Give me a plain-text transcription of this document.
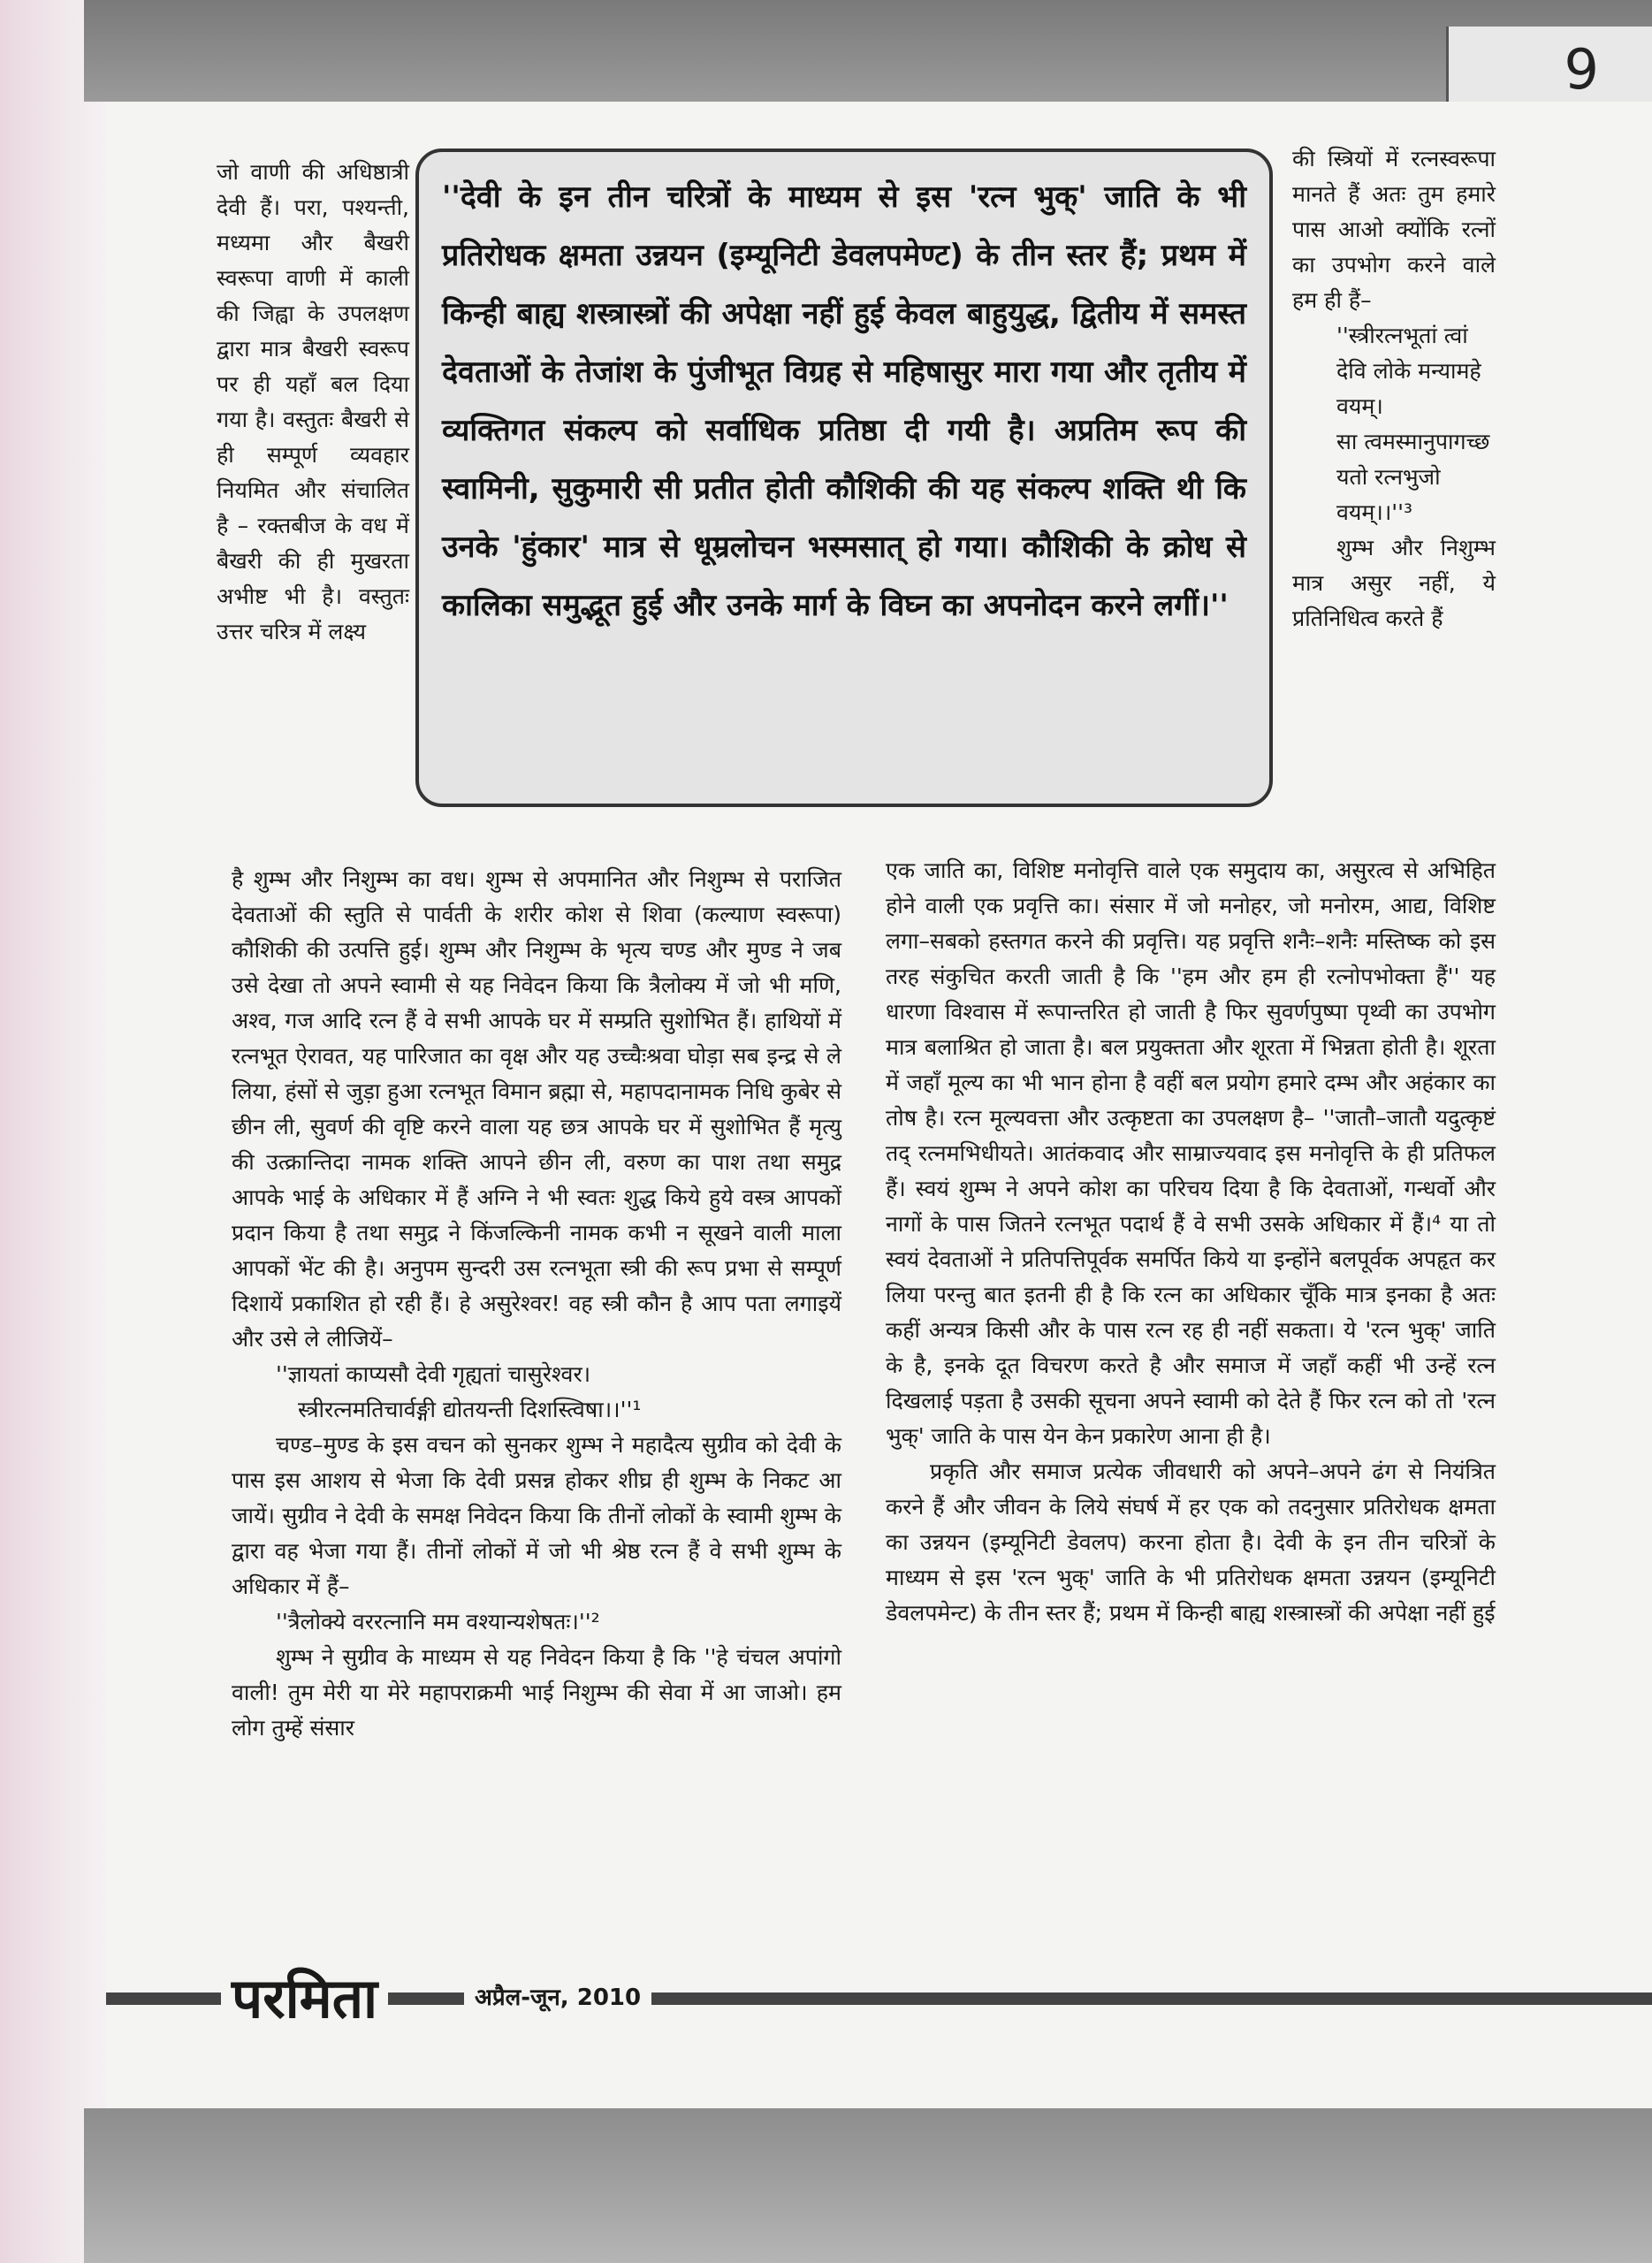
9
जो वाणी की अधिष्ठात्री देवी हैं। परा, पश्यन्ती, मध्यमा और बैखरी स्वरूपा वाणी में काली की जिह्वा के उपलक्षण द्वारा मात्र बैखरी स्वरूप पर ही यहाँ बल दिया गया है। वस्तुतः बैखरी से ही सम्पूर्ण व्यवहार नियमित और संचालित है – रक्तबीज के वध में बैखरी की ही मुखरता अभीष्ट भी है। वस्तुतः उत्तर चरित्र में लक्ष्य
''देवी के इन तीन चरित्रों के माध्यम से इस 'रत्न भुक्' जाति के भी प्रतिरोधक क्षमता उन्नयन (इम्यूनिटी डेवलपमेण्ट) के तीन स्तर हैं; प्रथम में किन्ही बाह्य शस्त्रास्त्रों की अपेक्षा नहीं हुई केवल बाहुयुद्ध, द्वितीय में समस्त देवताओं के तेजांश के पुंजीभूत विग्रह से महिषासुर मारा गया और तृतीय में व्यक्तिगत संकल्प को सर्वाधिक प्रतिष्ठा दी गयी है। अप्रतिम रूप की स्वामिनी, सुकुमारी सी प्रतीत होती कौशिकी की यह संकल्प शक्ति थी कि उनके 'हुंकार' मात्र से धूम्रलोचन भस्मसात् हो गया। कौशिकी के क्रोध से कालिका समुद्भूत हुई और उनके मार्ग के विघ्न का अपनोदन करने लगीं।''
की स्त्रियों में रत्नस्वरूपा मानते हैं अतः तुम हमारे पास आओ क्योंकि रत्नों का उपभोग करने वाले हम ही हैं–
''स्त्रीरत्नभूतां त्वां देवि लोके मन्यामहे वयम्।
सा त्वमस्मानुपागच्छ यतो रत्नभुजो वयम्।।''³
शुम्भ और निशुम्भ मात्र असुर नहीं, ये प्रतिनिधित्व करते हैं
है शुम्भ और निशुम्भ का वध। शुम्भ से अपमानित और निशुम्भ से पराजित देवताओं की स्तुति से पार्वती के शरीर कोश से शिवा (कल्याण स्वरूपा) कौशिकी की उत्पत्ति हुई। शुम्भ और निशुम्भ के भृत्य चण्ड और मुण्ड ने जब उसे देखा तो अपने स्वामी से यह निवेदन किया कि त्रैलोक्य में जो भी मणि, अश्व, गज आदि रत्न हैं वे सभी आपके घर में सम्प्रति सुशोभित हैं। हाथियों में रत्नभूत ऐरावत, यह पारिजात का वृक्ष और यह उच्चैःश्रवा घोड़ा सब इन्द्र से ले लिया, हंसों से जुड़ा हुआ रत्नभूत विमान ब्रह्मा से, महापदानामक निधि कुबेर से छीन ली, सुवर्ण की वृष्टि करने वाला यह छत्र आपके घर में सुशोभित हैं मृत्यु की उत्क्रान्तिदा नामक शक्ति आपने छीन ली, वरुण का पाश तथा समुद्र आपके भाई के अधिकार में हैं अग्नि ने भी स्वतः शुद्ध किये हुये वस्त्र आपकों प्रदान किया है तथा समुद्र ने किंजल्किनी नामक कभी न सूखने वाली माला आपकों भेंट की है। अनुपम सुन्दरी उस रत्नभूता स्त्री की रूप प्रभा से सम्पूर्ण दिशायें प्रकाशित हो रही हैं। हे असुरेश्वर! वह स्त्री कौन है आप पता लगाइयें और उसे ले लीजियें–
''ज्ञायतां काप्यसौ देवी गृह्यतां चासुरेश्वर।
स्त्रीरत्नमतिचार्वङ्गी द्योतयन्ती दिशस्त्विषा।।''¹
चण्ड–मुण्ड के इस वचन को सुनकर शुम्भ ने महादैत्य सुग्रीव को देवी के पास इस आशय से भेजा कि देवी प्रसन्न होकर शीघ्र ही शुम्भ के निकट आ जायें। सुग्रीव ने देवी के समक्ष निवेदन किया कि तीनों लोकों के स्वामी शुम्भ के द्वारा वह भेजा गया हैं। तीनों लोकों में जो भी श्रेष्ठ रत्न हैं वे सभी शुम्भ के अधिकार में हैं–
''त्रैलोक्ये वररत्नानि मम वश्यान्यशेषतः।''²
शुम्भ ने सुग्रीव के माध्यम से यह निवेदन किया है कि ''हे चंचल अपांगो वाली! तुम मेरी या मेरे महापराक्रमी भाई निशुम्भ की सेवा में आ जाओ। हम लोग तुम्हें संसार
एक जाति का, विशिष्ट मनोवृत्ति वाले एक समुदाय का, असुरत्व से अभिहित होने वाली एक प्रवृत्ति का। संसार में जो मनोहर, जो मनोरम, आद्य, विशिष्ट लगा–सबको हस्तगत करने की प्रवृत्ति। यह प्रवृत्ति शनैः–शनैः मस्तिष्क को इस तरह संकुचित करती जाती है कि ''हम और हम ही रत्नोपभोक्ता हैं'' यह धारणा विश्वास में रूपान्तरित हो जाती है फिर सुवर्णपुष्पा पृथ्वी का उपभोग मात्र बलाश्रित हो जाता है। बल प्रयुक्तता और शूरता में भिन्नता होती है। शूरता में जहाँ मूल्य का भी भान होना है वहीं बल प्रयोग हमारे दम्भ और अहंकार का तोष है। रत्न मूल्यवत्ता और उत्कृष्टता का उपलक्षण है– ''जातौ–जातौ यदुत्कृष्टं तद् रत्नमभिधीयते। आतंकवाद और साम्राज्यवाद इस मनोवृत्ति के ही प्रतिफल हैं। स्वयं शुम्भ ने अपने कोश का परिचय दिया है कि देवताओं, गन्धर्वो और नागों के पास जितने रत्नभूत पदार्थ हैं वे सभी उसके अधिकार में हैं।⁴ या तो स्वयं देवताओं ने प्रतिपत्तिपूर्वक समर्पित किये या इन्होंने बलपूर्वक अपहृत कर लिया परन्तु बात इतनी ही है कि रत्न का अधिकार चूँकि मात्र इनका है अतः कहीं अन्यत्र किसी और के पास रत्न रह ही नहीं सकता। ये 'रत्न भुक्' जाति के है, इनके दूत विचरण करते है और समाज में जहाँ कहीं भी उन्हें रत्न दिखलाई पड़ता है उसकी सूचना अपने स्वामी को देते हैं फिर रत्न को तो 'रत्न भुक्' जाति के पास येन केन प्रकारेण आना ही है।
प्रकृति और समाज प्रत्येक जीवधारी को अपने–अपने ढंग से नियंत्रित करने हैं और जीवन के लिये संघर्ष में हर एक को तदनुसार प्रतिरोधक क्षमता का उन्नयन (इम्यूनिटी डेवलप) करना होता है। देवी के इन तीन चरित्रों के माध्यम से इस 'रत्न भुक्' जाति के भी प्रतिरोधक क्षमता उन्नयन (इम्यूनिटी डेवलपमेन्ट) के तीन स्तर हैं; प्रथम में किन्ही बाह्य शस्त्रास्त्रों की अपेक्षा नहीं हुई
परमिता	अप्रैल-जून, 2010
